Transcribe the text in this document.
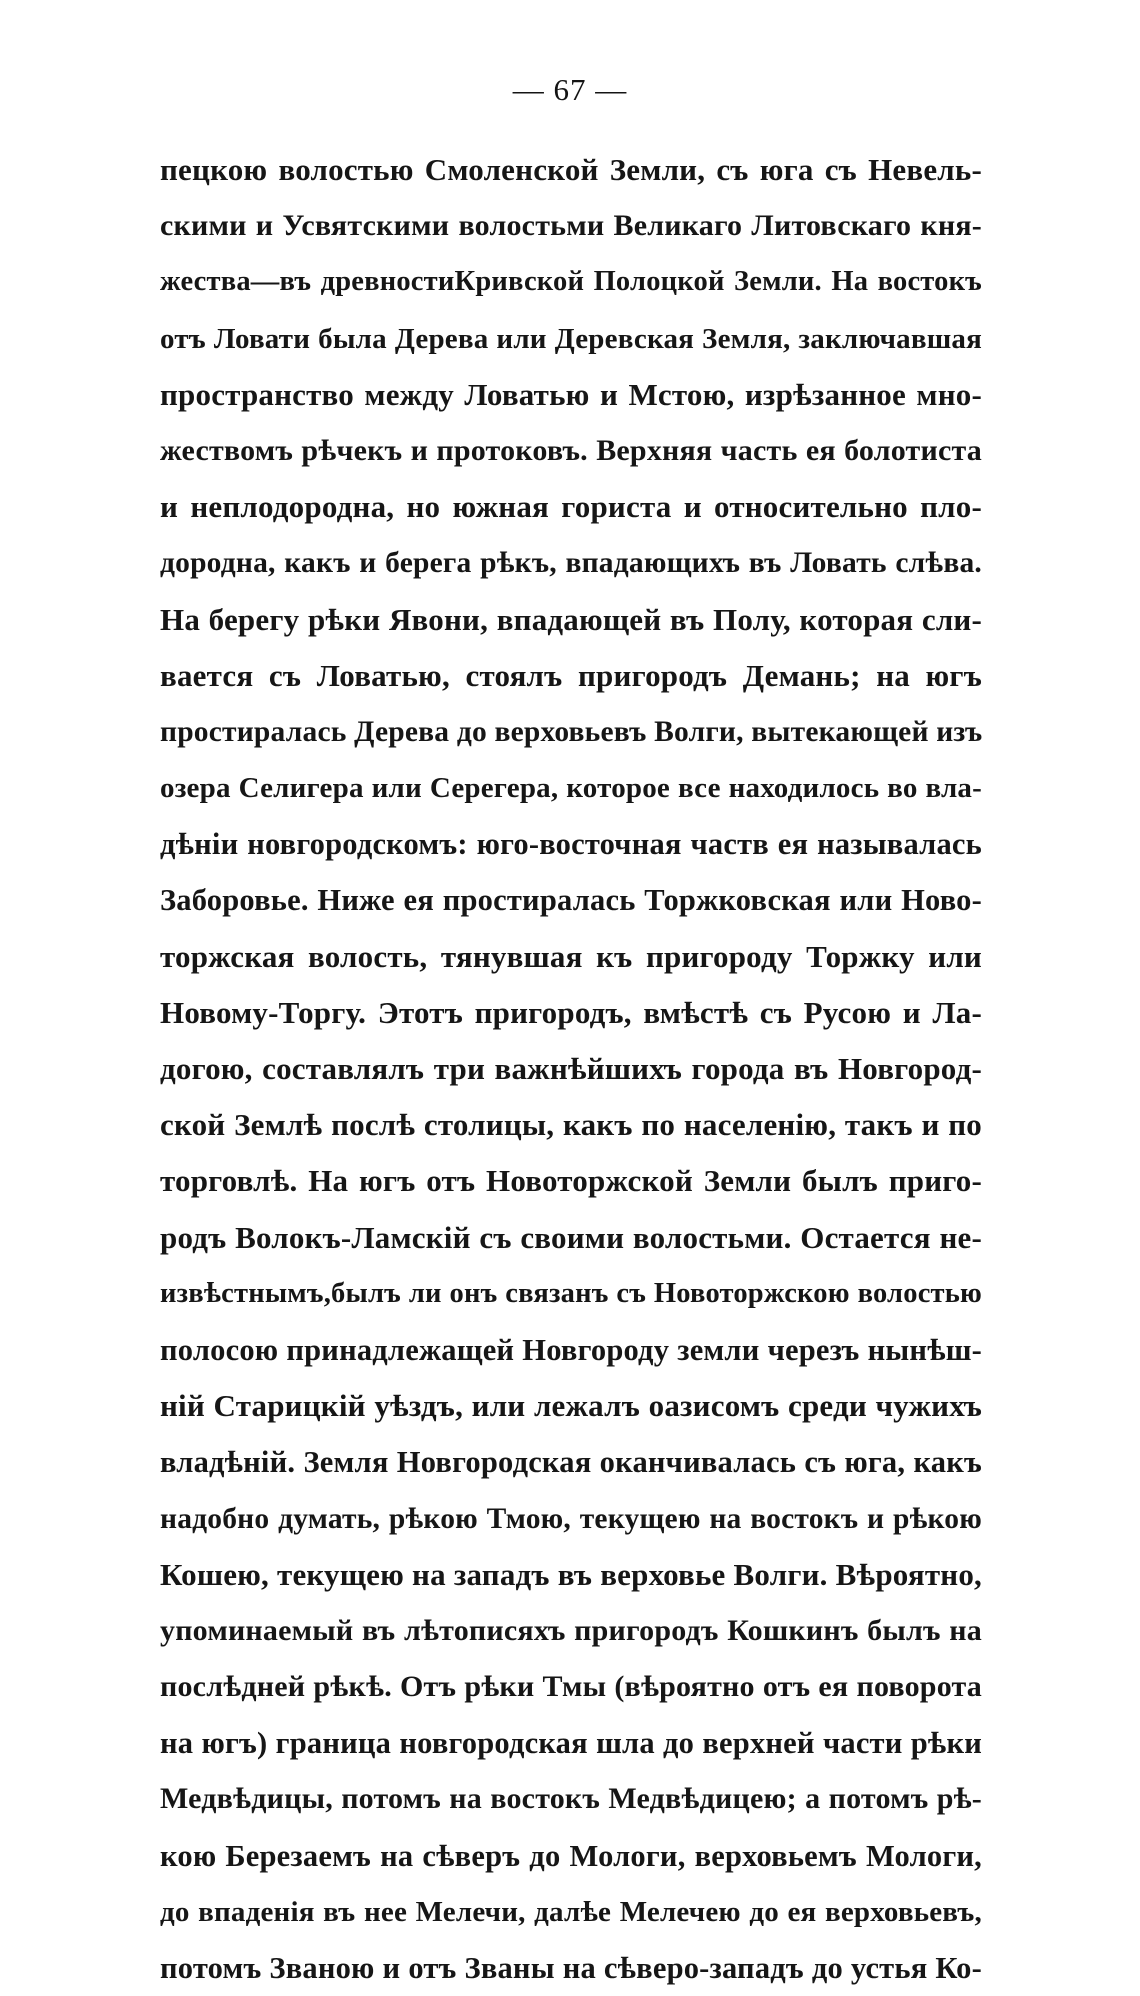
— 67 —
пецкою волостью Смоленской Земли, съ юга съ Невель-
скими и Усвятскими волостьми Великаго Литовскаго кня-
жества—въ древностиКривской Полоцкой Земли. На востокъ
отъ Ловати была Дерева или Деревская Земля, заключавшая
пространство между Ловатью и Мстою, изрѣзанное мно-
жествомъ рѣчекъ и протоковъ. Верхняя часть ея болотиста
и неплодородна, но южная гориста и относительно пло-
дородна, какъ и берега рѣкъ, впадающихъ въ Ловать слѣва.
На берегу рѣки Явони, впадающей въ Полу, которая сли-
вается съ Ловатью, стоялъ пригородъ Демань; на югъ
простиралась Дерева до верховьевъ Волги, вытекающей изъ
озера Селигера или Серегера, которое все находилось во вла-
дѣніи новгородскомъ: юго-восточная частв ея называлась
Заборовье. Ниже ея простиралась Торжковская или Ново-
торжская волость, тянувшая къ пригороду Торжку или
Новому-Торгу. Этотъ пригородъ, вмѣстѣ съ Русою и Ла-
догою, составлялъ три важнѣйшихъ города въ Новгород-
ской Землѣ послѣ столицы, какъ по населенію, такъ и по
торговлѣ. На югъ отъ Новоторжской Земли былъ приго-
родъ Волокъ-Ламскій съ своими волостьми. Остается не-
извѣстнымъ,былъ ли онъ связанъ съ Новоторжскою волостью
полосою принадлежащей Новгороду земли черезъ нынѣш-
ній Старицкій уѣздъ, или лежалъ оазисомъ среди чужихъ
владѣній. Земля Новгородская оканчивалась съ юга, какъ
надобно думать, рѣкою Тмою, текущею на востокъ и рѣкою
Кошею, текущею на западъ въ верховье Волги. Вѣроятно,
упоминаемый въ лѣтописяхъ пригородъ Кошкинъ былъ на
послѣдней рѣкѣ. Отъ рѣки Тмы (вѣроятно отъ ея поворота
на югъ) граница новгородская шла до верхней части рѣки
Медвѣдицы, потомъ на востокъ Медвѣдицею; а потомъ рѣ-
кою Березаемъ на сѣверъ до Мологи, верховьемъ Мологи,
до впаденія въ нее Мелечи, далѣе Мелечею до ея верховьевъ,
потомъ Званою и отъ Званы на сѣверо-западъ до устья Ко-
